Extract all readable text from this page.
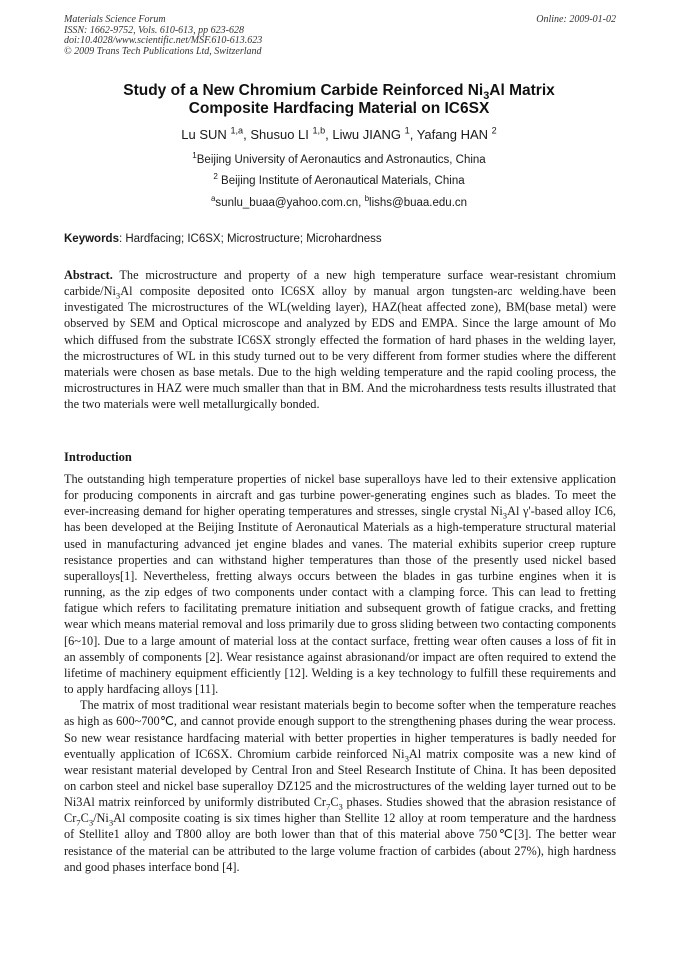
Materials Science Forum
ISSN: 1662-9752, Vols. 610-613, pp 623-628
doi:10.4028/www.scientific.net/MSF.610-613.623
© 2009 Trans Tech Publications Ltd, Switzerland
Online: 2009-01-02
Study of a New Chromium Carbide Reinforced $Ni_3Al$ Matrix
Composite Hardfacing Material on IC6SX
Lu SUN $^{1,a}$, Shusuo LI $^{1,b}$, Liwu JIANG $^1$, Yafang HAN $^2$
$^1$Beijing University of Aeronautics and Astronautics, China
$^2$ Beijing Institute of Aeronautical Materials, China
$^a$sunlu_buaa@yahoo.com.cn, $^b$lishs@buaa.edu.cn
Keywords: Hardfacing; IC6SX; Microstructure; Microhardness
Abstract. The microstructure and property of a new high temperature surface wear-resistant chromium carbide/$Ni_3Al$ composite deposited onto IC6SX alloy by manual argon tungsten-arc welding.have been investigated The microstructures of the WL(welding layer), HAZ(heat affected zone), BM(base metal) were observed by SEM and Optical microscope and analyzed by EDS and EMPA. Since the large amount of Mo which diffused from the substrate IC6SX strongly effected the formation of hard phases in the welding layer, the microstructures of WL in this study turned out to be very different from former studies where the different materials were chosen as base metals. Due to the high welding temperature and the rapid cooling process, the microstructures in HAZ were much smaller than that in BM. And the microhardness tests results illustrated that the two materials were well metallurgically bonded.
Introduction

The outstanding high temperature properties of nickel base superalloys have led to their extensive application for producing components in aircraft and gas turbine power-generating engines such as blades. To meet the ever-increasing demand for higher operating temperatures and stresses, single crystal $Ni_3Al$ γ'-based alloy IC6, has been developed at the Beijing Institute of Aeronautical Materials as a high-temperature structural material used in manufacturing advanced jet engine blades and vanes. The material exhibits superior creep rupture resistance properties and can withstand higher temperatures than those of the presently used nickel based superalloys[1]. Nevertheless, fretting always occurs between the blades in gas turbine engines when it is running, as the zip edges of two components under contact with a clamping force. This can lead to fretting fatigue which refers to facilitating premature initiation and subsequent growth of fatigue cracks, and fretting wear which means material removal and loss primarily due to gross sliding between two contacting components [6~10]. Due to a large amount of material loss at the contact surface, fretting wear often causes a loss of fit in an assembly of components [2]. Wear resistance against abrasionand/or impact are often required to extend the lifetime of machinery equipment efficiently [12]. Welding is a key technology to fulfill these requirements and to apply hardfacing alloys [11].

The matrix of most traditional wear resistant materials begin to become softer when the temperature reaches as high as 600~700℃, and cannot provide enough support to the strengthening phases during the wear process. So new wear resistance hardfacing material with better properties in higher temperatures is badly needed for eventually application of IC6SX. Chromium carbide reinforced $Ni_3Al$ matrix composite was a new kind of wear resistant material developed by Central Iron and Steel Research Institute of China. It has been deposited on carbon steel and nickel base superalloy DZ125 and the microstructures of the welding layer turned out to be Ni3Al matrix reinforced by uniformly distributed $Cr_7C_3$ phases. Studies showed that the abrasion resistance of $Cr_7C_3/Ni_3Al$ composite coating is six times higher than Stellite 12 alloy at room temperature and the hardness of Stellite1 alloy and T800 alloy are both lower than that of this material above 750℃[3]. The better wear resistance of the material can be attributed to the large volume fraction of carbides (about 27%), high hardness and good phases interface bond [4].
